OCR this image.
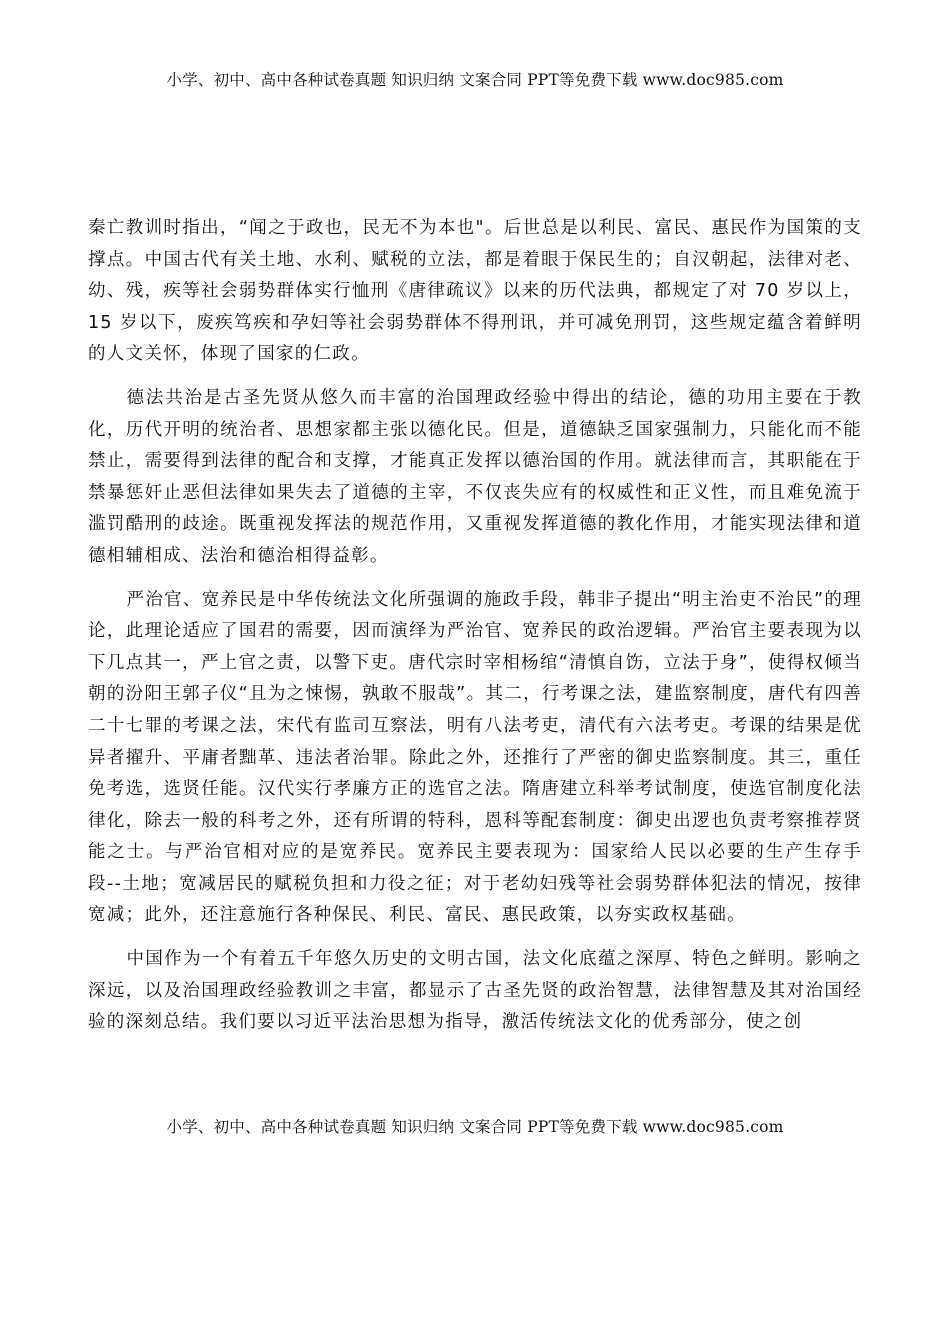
小学、初中、高中各种试卷真题 知识归纳 文案合同 PPT等免费下载 www.doc985.com

秦亡教训时指出，“闻之于政也，民无不为本也"。后世总是以利民、富民、惠民作为国策的支撑点。中国古代有关土地、水利、赋税的立法，都是着眼于保民生的；自汉朝起，法律对老、幼、残，疾等社会弱势群体实行恤刑《唐律疏议》以来的历代法典，都规定了对 70 岁以上，15 岁以下，废疾笃疾和孕妇等社会弱势群体不得刑讯，并可减免刑罚，这些规定蕴含着鲜明的人文关怀，体现了国家的仁政。

德法共治是古圣先贤从悠久而丰富的治国理政经验中得出的结论，德的功用主要在于教化，历代开明的统治者、思想家都主张以德化民。但是，道德缺乏国家强制力，只能化而不能禁止，需要得到法律的配合和支撑，才能真正发挥以德治国的作用。就法律而言，其职能在于禁暴惩奸止恶但法律如果失去了道德的主宰，不仅丧失应有的权威性和正义性，而且难免流于滥罚酷刑的歧途。既重视发挥法的规范作用，又重视发挥道德的教化作用，才能实现法律和道德相辅相成、法治和德治相得益彰。

严治官、宽养民是中华传统法文化所强调的施政手段，韩非子提出“明主治吏不治民”的理论，此理论适应了国君的需要，因而演绎为严治官、宽养民的政治逻辑。严治官主要表现为以下几点其一，严上官之责，以警下吏。唐代宗时宰相杨绾“清慎自饬，立法于身”，使得权倾当朝的汾阳王郭子仪“且为之悚惕，孰敢不服哉”。其二，行考课之法，建监察制度，唐代有四善二十七罪的考课之法，宋代有监司互察法，明有八法考吏，清代有六法考吏。考课的结果是优异者擢升、平庸者黜革、违法者治罪。除此之外，还推行了严密的御史监察制度。其三，重任免考选，选贤任能。汉代实行孝廉方正的选官之法。隋唐建立科举考试制度，使选官制度化法律化，除去一般的科考之外，还有所谓的特科，恩科等配套制度：御史出逻也负责考察推荐贤能之士。与严治官相对应的是宽养民。宽养民主要表现为：国家给人民以必要的生产生存手段--土地；宽减居民的赋税负担和力役之征；对于老幼妇残等社会弱势群体犯法的情况，按律宽减；此外，还注意施行各种保民、利民、富民、惠民政策，以夯实政权基础。

中国作为一个有着五千年悠久历史的文明古国，法文化底蕴之深厚、特色之鲜明。影响之深远，以及治国理政经验教训之丰富，都显示了古圣先贤的政治智慧，法律智慧及其对治国经验的深刻总结。我们要以习近平法治思想为指导，激活传统法文化的优秀部分，使之创

小学、初中、高中各种试卷真题 知识归纳 文案合同 PPT等免费下载 www.doc985.com
